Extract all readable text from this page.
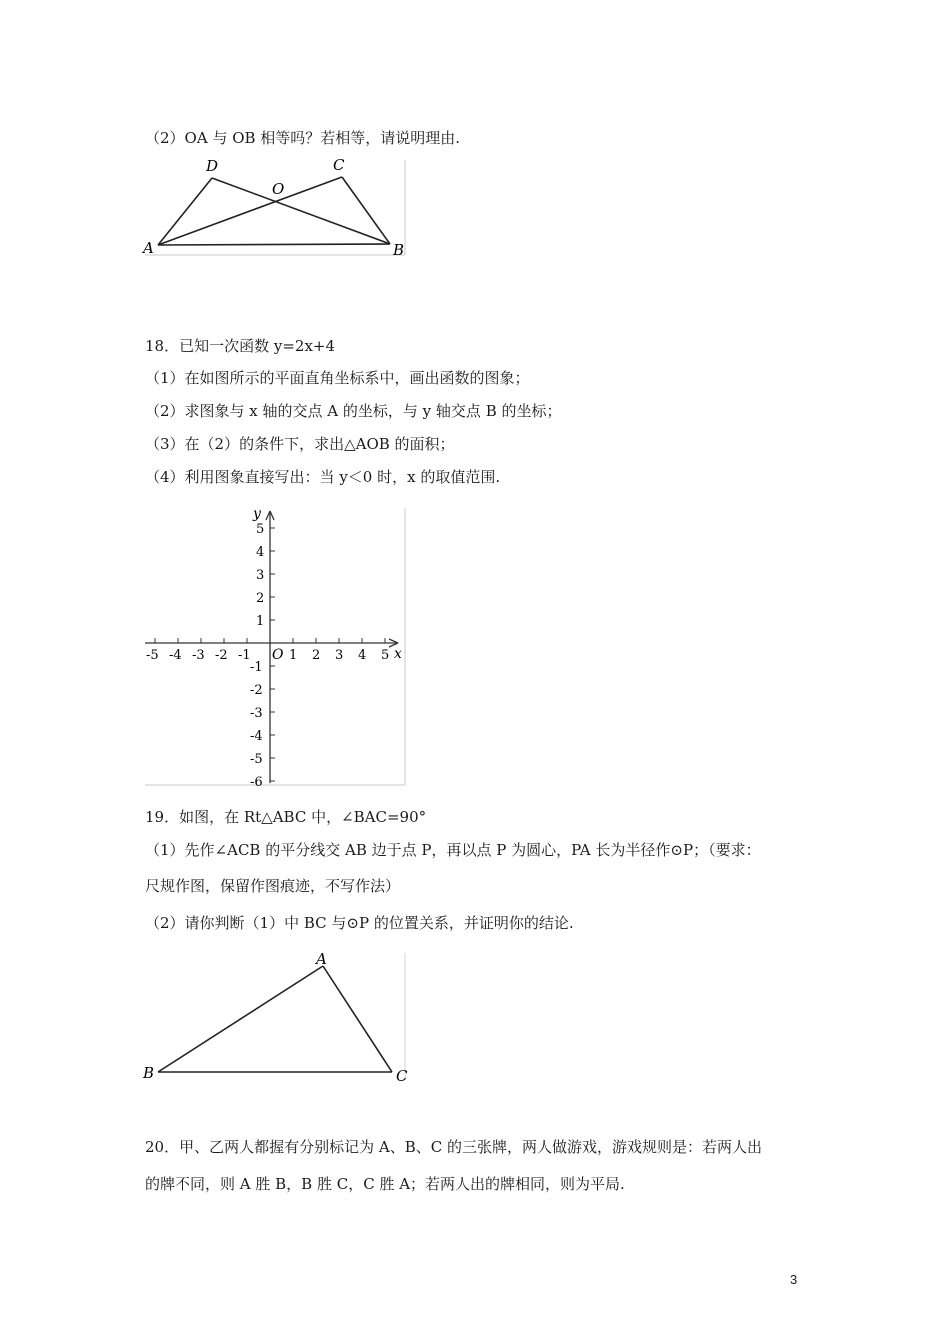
（2）OA 与 OB 相等吗？若相等，请说明理由.
A	B
C
D
O
18．已知一次函数 y=2x+4
（1）在如图所示的平面直角坐标系中，画出函数的图象；
（2）求图象与 x 轴的交点 A 的坐标，与 y 轴交点 B 的坐标；
（3）在（2）的条件下，求出△AOB 的面积；
（4）利用图象直接写出：当 y＜0 时，x 的取值范围.
-5 -4 -3 -2 -1	1 2 3 4 5
5
4
3
2
1
-1
-2
-3
-4
-5
-6
x
y
O
19．如图，在 Rt△ABC 中，∠BAC=90°
（1）先作∠ACB 的平分线交 AB 边于点 P，再以点 P 为圆心，PA 长为半径作⊙P；（要求：
尺规作图，保留作图痕迹，不写作法）
（2）请你判断（1）中 BC 与⊙P 的位置关系，并证明你的结论.
A
B	C
20．甲、乙两人都握有分别标记为 A、B、C 的三张牌，两人做游戏，游戏规则是：若两人出
的牌不同，则 A 胜 B，B 胜 C，C 胜 A；若两人出的牌相同，则为平局.
3
